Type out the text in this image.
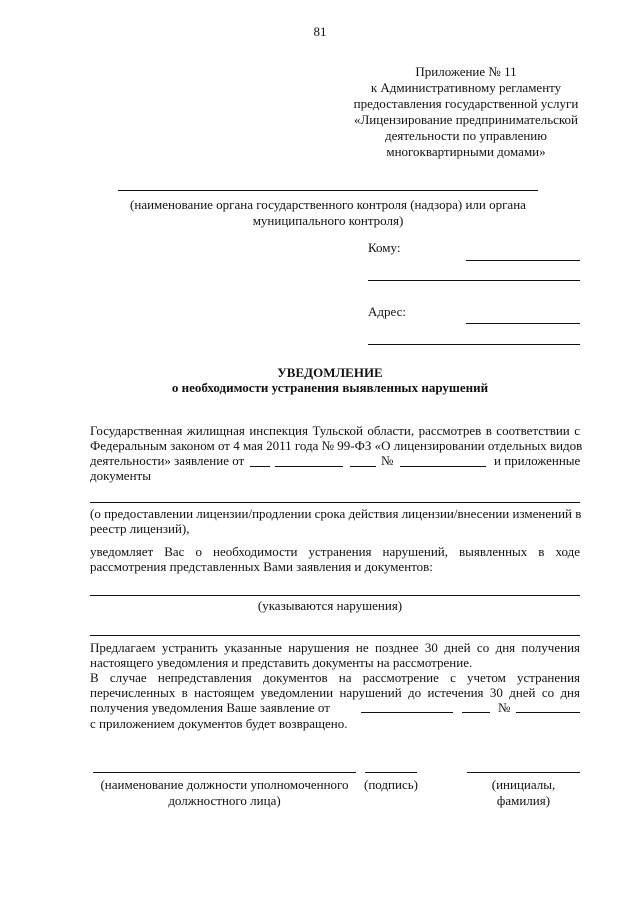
81
Приложение № 11
к Административному регламенту
предоставления государственной услуги
«Лицензирование предпринимательской
деятельности по управлению
многоквартирными домами»
(наименование органа государственного контроля (надзора) или органа
муниципального контроля)
Кому:
Адрес:
УВЕДОМЛЕНИЕ
о необходимости устранения выявленных нарушений
Государственная жилищная инспекция Тульской области, рассмотрев в соответствии с
Федеральным законом от 4 мая 2011 года № 99-ФЗ «О лицензировании отдельных видов
деятельности» заявление от	№	и приложенные
документы
(о предоставлении лицензии/продлении срока действия лицензии/внесении изменений в
реестр лицензий),
уведомляет Вас о необходимости устранения нарушений, выявленных в ходе
рассмотрения представленных Вами заявления и документов:
(указываются нарушения)
Предлагаем устранить указанные нарушения не позднее 30 дней со дня получения
настоящего уведомления и представить документы на рассмотрение.
В случае непредставления документов на рассмотрение с учетом устранения
перечисленных в настоящем уведомлении нарушений до истечения 30 дней со дня
получения уведомления Ваше заявление от	№
с приложением документов будет возвращено.
(наименование должности уполномоченного
должностного лица)
(подпись)	(инициалы,
фамилия)
